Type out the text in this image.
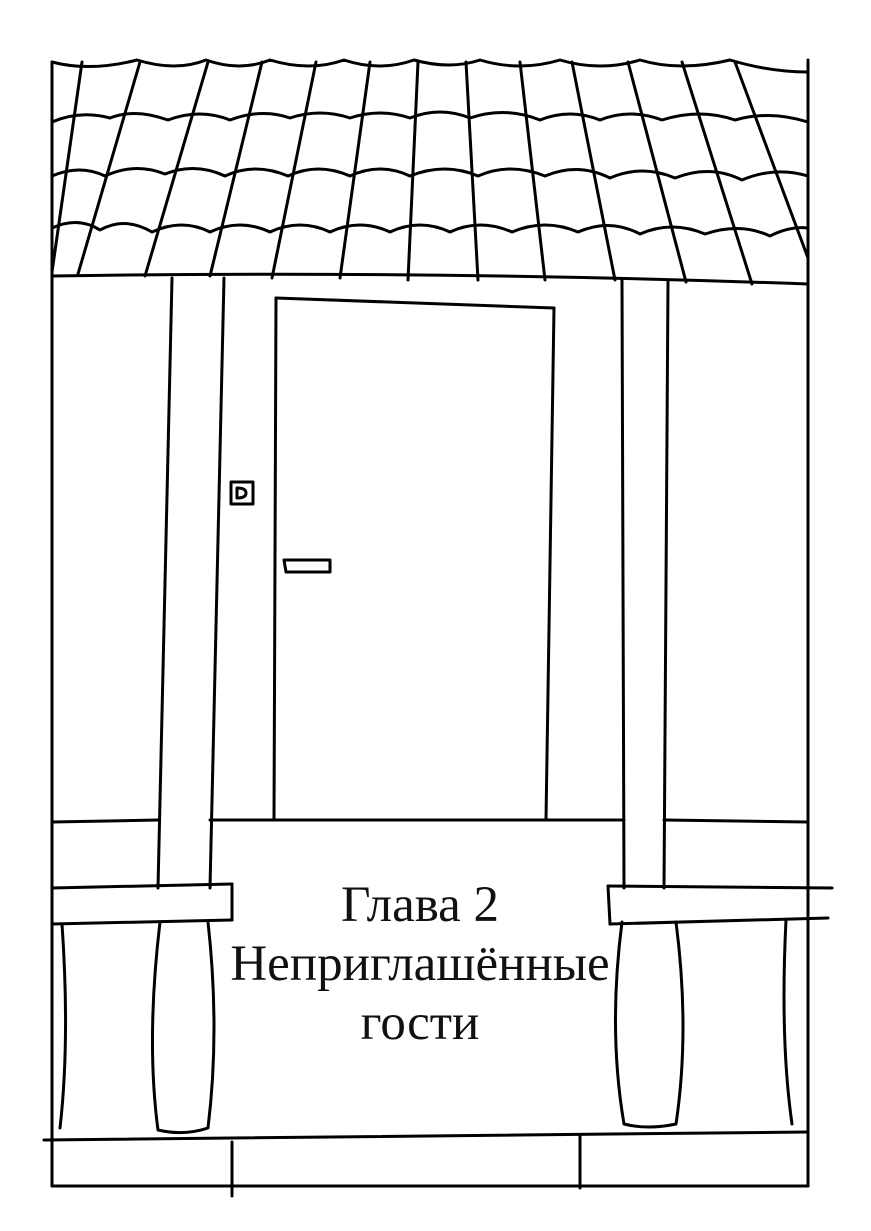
Глава 2
Неприглашённые
гости
